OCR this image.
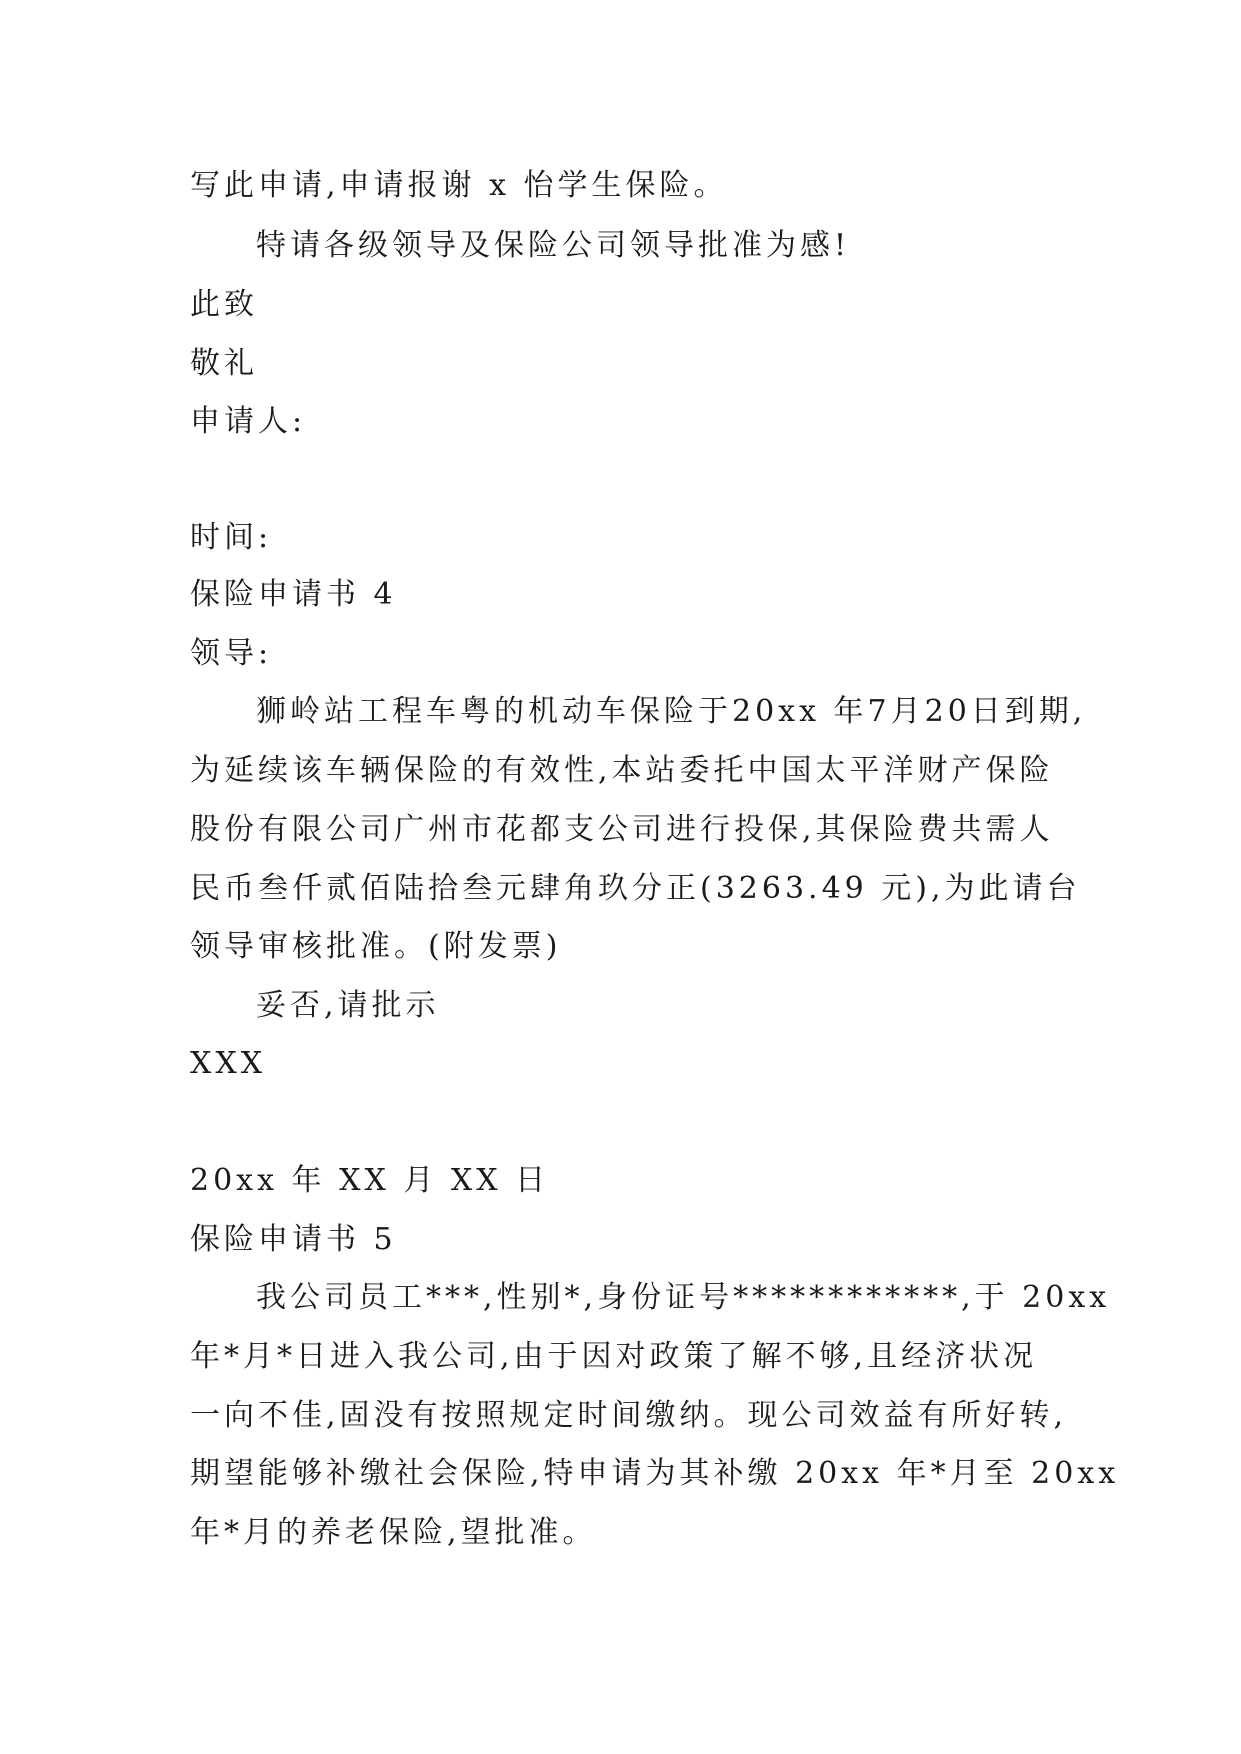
写此申请,申请报谢 x 怡学生保险。
特请各级领导及保险公司领导批准为感!
此致
敬礼
申请人:
时间:
保险申请书 4
领导:
狮岭站工程车粤的机动车保险于20xx 年7月20日到期,
为延续该车辆保险的有效性,本站委托中国太平洋财产保险
股份有限公司广州市花都支公司进行投保,其保险费共需人
民币叁仟贰佰陆拾叁元肆角玖分正(3263.49 元),为此请台
领导审核批准。(附发票)
妥否,请批示
XXX
20xx 年 XX 月 XX 日
保险申请书 5
我公司员工***,性别*,身份证号************,于 20xx
年*月*日进入我公司,由于因对政策了解不够,且经济状况
一向不佳,固没有按照规定时间缴纳。现公司效益有所好转,
期望能够补缴社会保险,特申请为其补缴 20xx 年*月至 20xx
年*月的养老保险,望批准。
